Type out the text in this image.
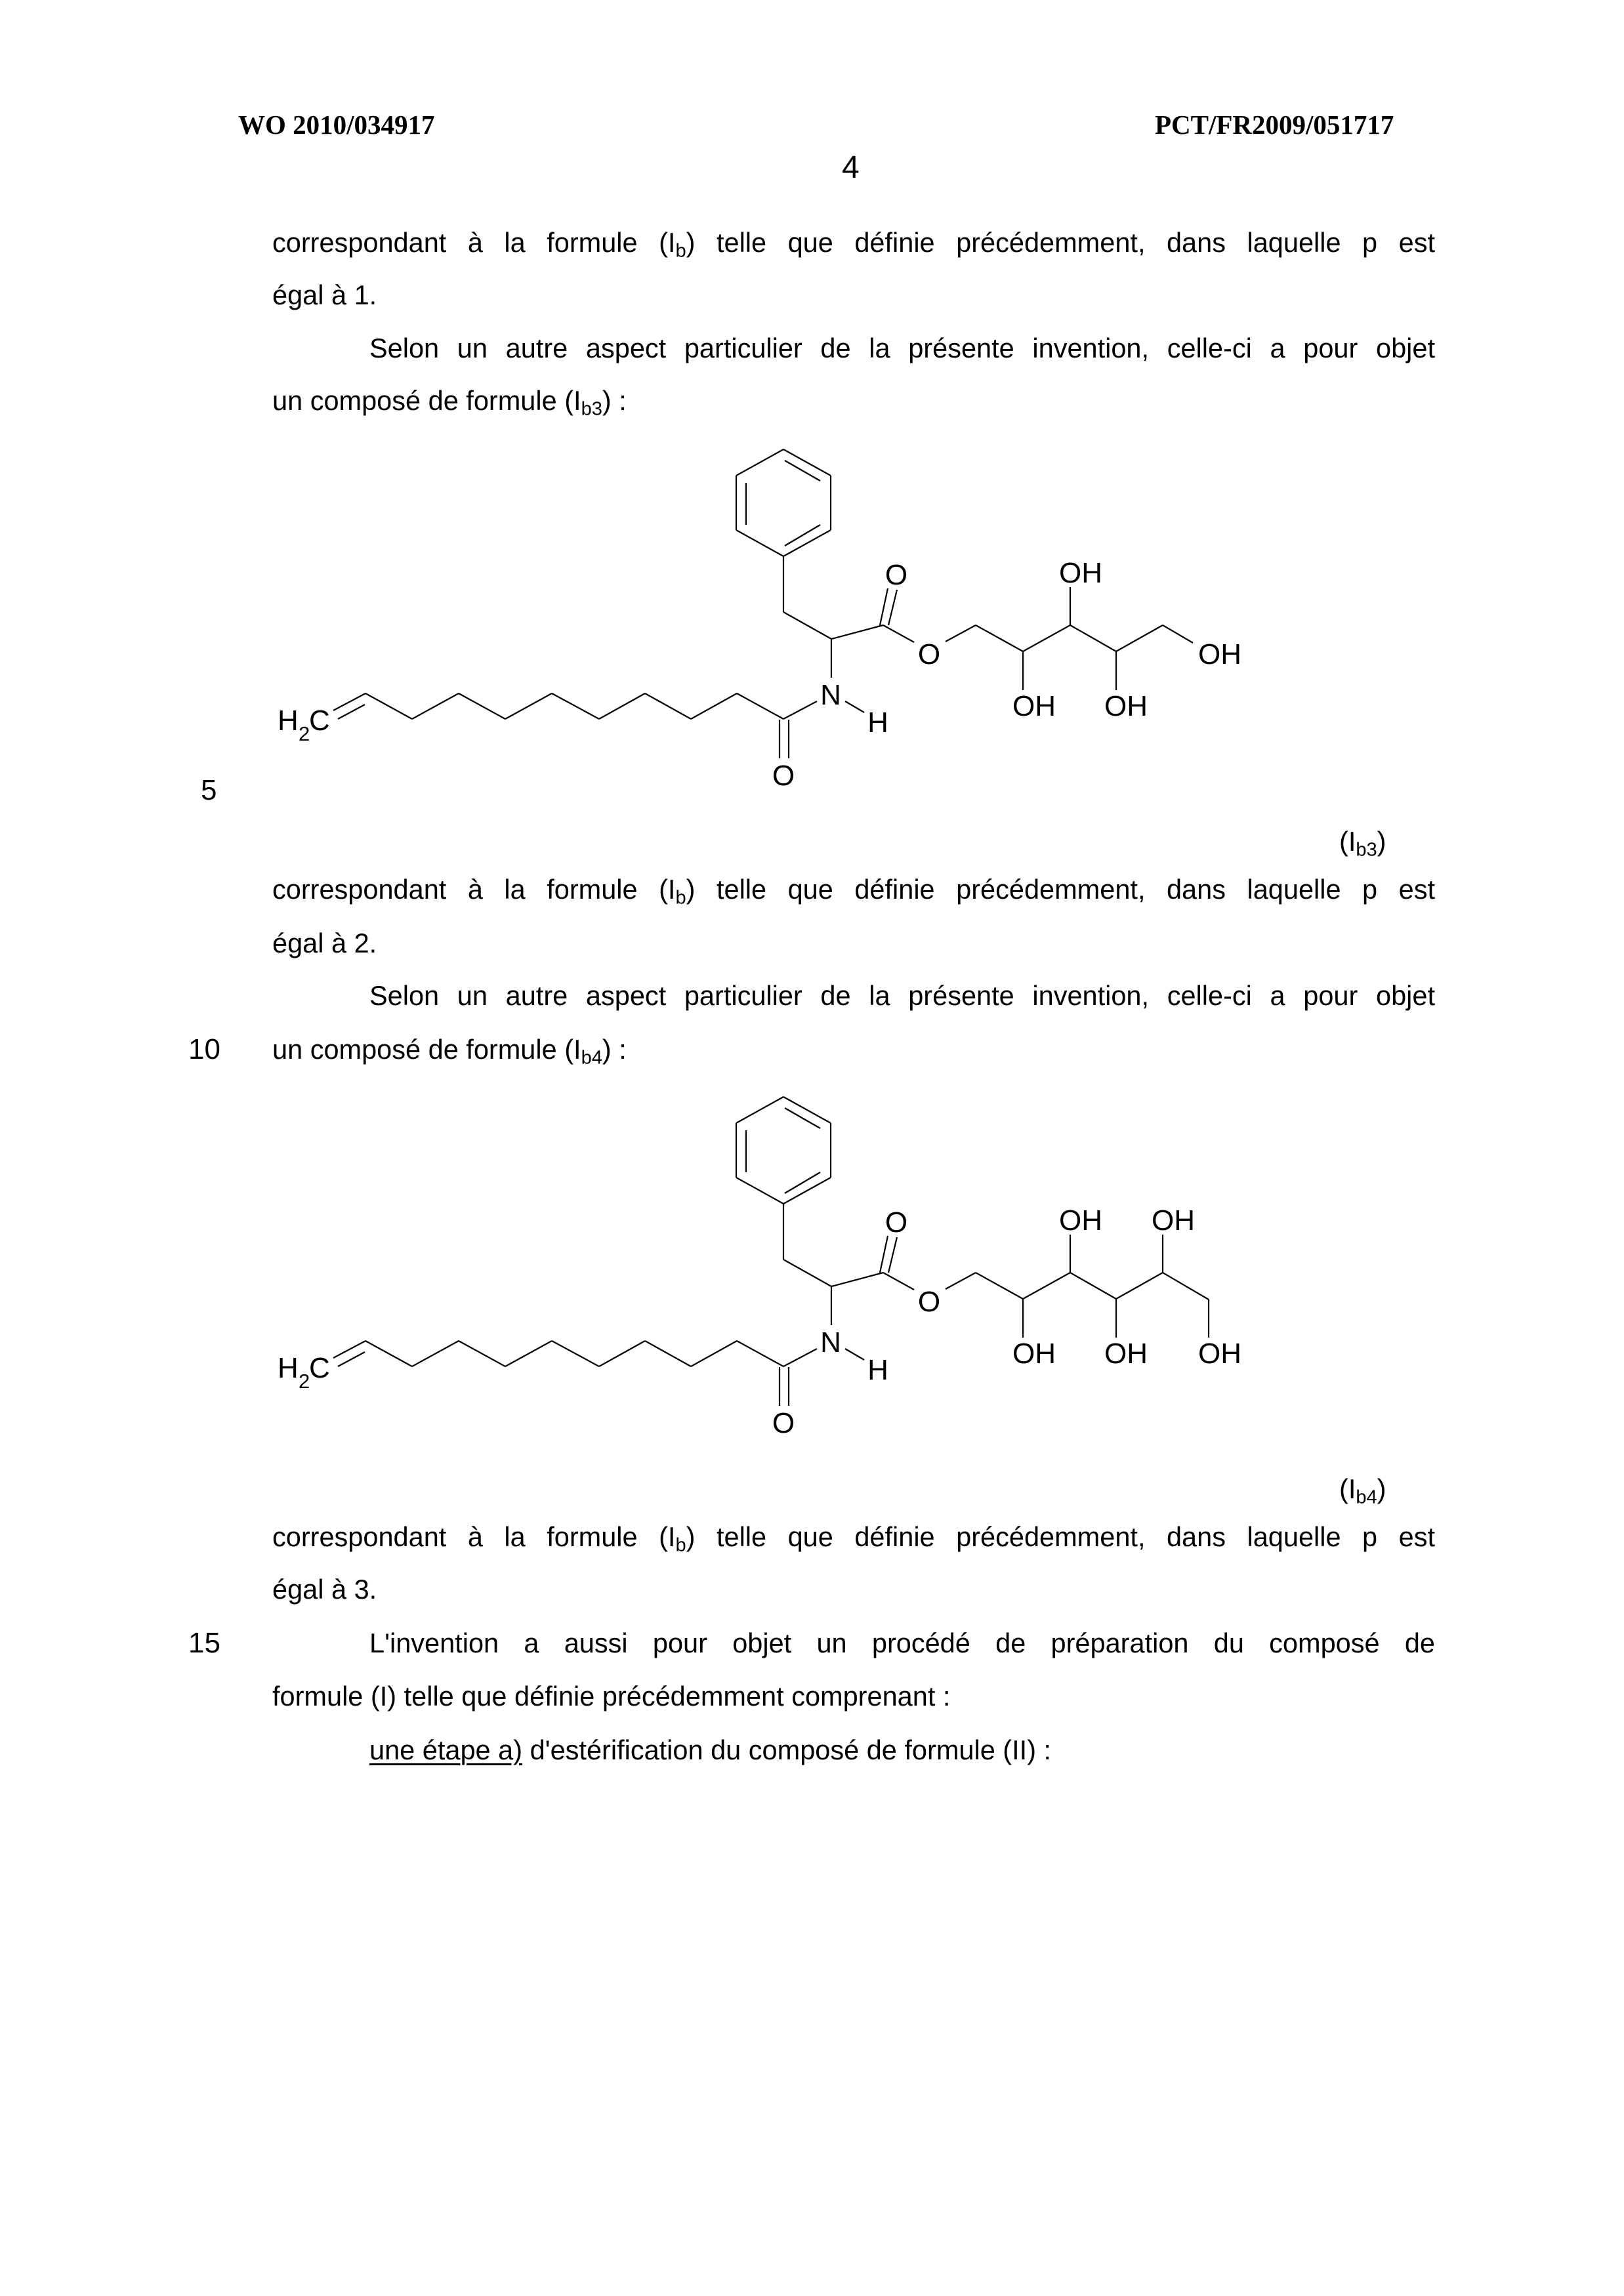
WO 2010/034917	PCT/FR2009/051717
4
correspondant à la formule $(I_b)$ telle que définie précédemment, dans laquelle p est
égal à 1.
Selon un autre aspect particulier de la présente invention, celle-ci a pour objet
un composé de formule $(I_{b3})$ :
H 2
C
O
N
H
O
O
OH
OH
OH
OH
5
$(I_{b3})$
correspondant à la formule $(I_b)$ telle que définie précédemment, dans laquelle p est
égal à 2.
Selon un autre aspect particulier de la présente invention, celle-ci a pour objet
10 un composé de formule $(I_{b4})$ :
H 2
C
O
N
H
O
O
OH
OH
OH
OH
OH
$(I_{b4})$
correspondant à la formule $(I_b)$ telle que définie précédemment, dans laquelle p est
égal à 3.
15	L'invention a aussi pour objet un procédé de préparation du composé de
formule (I) telle que définie précédemment comprenant :
une étape a) d'estérification du composé de formule (II) :
